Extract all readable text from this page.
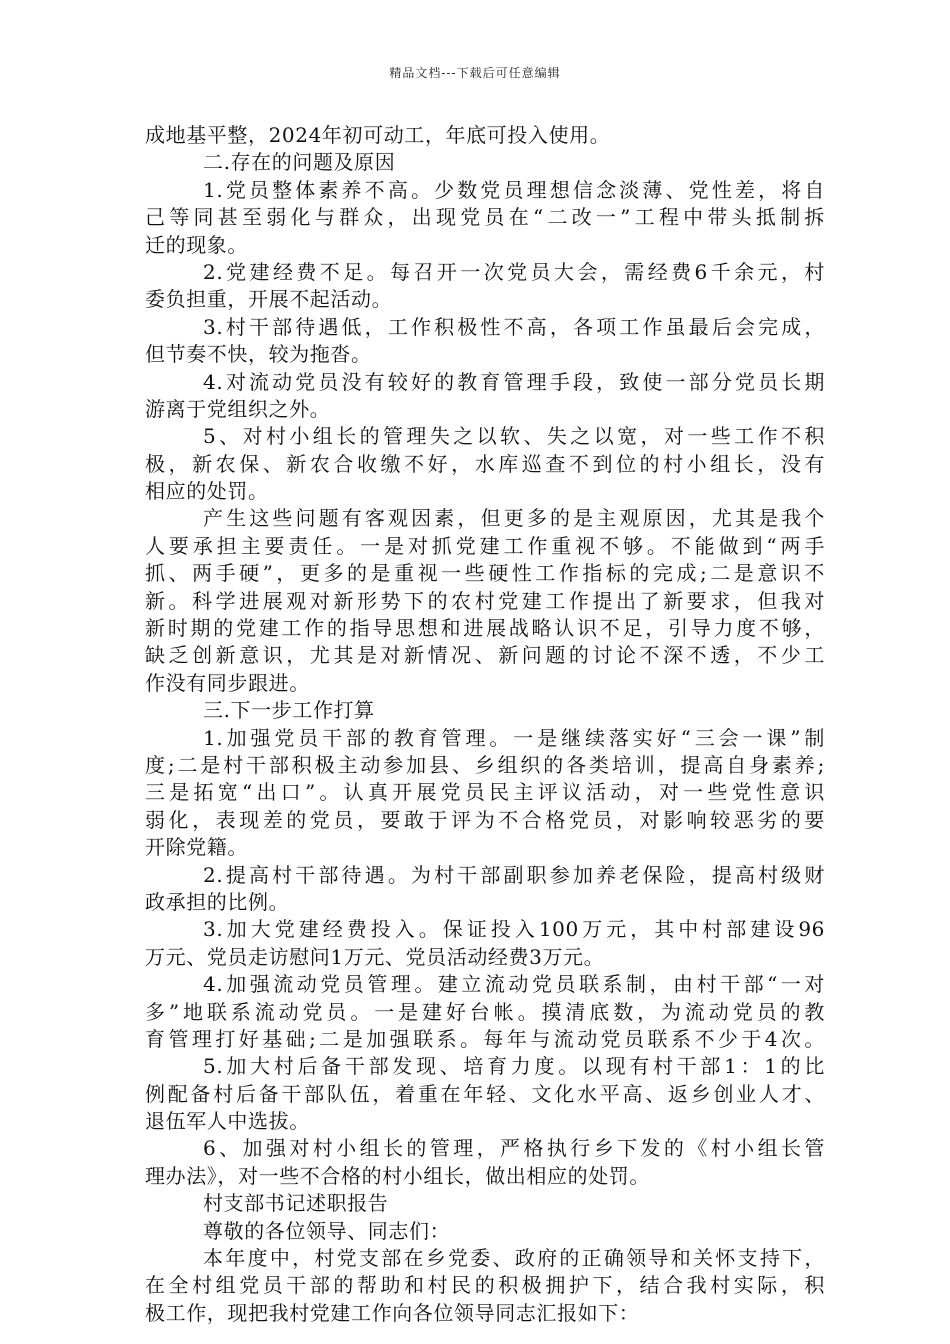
精品文档---下载后可任意编辑
成地基平整，2024年初可动工，年底可投入使用。
二.存在的问题及原因
1.党员整体素养不高。少数党员理想信念淡薄、党性差，将自
己等同甚至弱化与群众，出现党员在“二改一”工程中带头抵制拆
迁的现象。
2.党建经费不足。每召开一次党员大会，需经费6千余元，村
委负担重，开展不起活动。
3.村干部待遇低，工作积极性不高，各项工作虽最后会完成，
但节奏不快，较为拖沓。
4.对流动党员没有较好的教育管理手段，致使一部分党员长期
游离于党组织之外。
5、对村小组长的管理失之以软、失之以宽，对一些工作不积
极，新农保、新农合收缴不好，水库巡查不到位的村小组长，没有
相应的处罚。
产生这些问题有客观因素，但更多的是主观原因，尤其是我个
人要承担主要责任。一是对抓党建工作重视不够。不能做到“两手
抓、两手硬”，更多的是重视一些硬性工作指标的完成;二是意识不
新。科学进展观对新形势下的农村党建工作提出了新要求，但我对
新时期的党建工作的指导思想和进展战略认识不足，引导力度不够，
缺乏创新意识，尤其是对新情况、新问题的讨论不深不透，不少工
作没有同步跟进。
三.下一步工作打算
1.加强党员干部的教育管理。一是继续落实好“三会一课”制
度;二是村干部积极主动参加县、乡组织的各类培训，提高自身素养;
三是拓宽“出口”。认真开展党员民主评议活动，对一些党性意识
弱化，表现差的党员，要敢于评为不合格党员，对影响较恶劣的要
开除党籍。
2.提高村干部待遇。为村干部副职参加养老保险，提高村级财
政承担的比例。
3.加大党建经费投入。保证投入100万元，其中村部建设96
万元、党员走访慰问1万元、党员活动经费3万元。
4.加强流动党员管理。建立流动党员联系制，由村干部“一对
多”地联系流动党员。一是建好台帐。摸清底数，为流动党员的教
育管理打好基础;二是加强联系。每年与流动党员联系不少于4次。
5.加大村后备干部发现、培育力度。以现有村干部1：1的比
例配备村后备干部队伍，着重在年轻、文化水平高、返乡创业人才、
退伍军人中选拔。
6、加强对村小组长的管理，严格执行乡下发的《村小组长管
理办法》，对一些不合格的村小组长，做出相应的处罚。
村支部书记述职报告
尊敬的各位领导、同志们：
本年度中，村党支部在乡党委、政府的正确领导和关怀支持下，
在全村组党员干部的帮助和村民的积极拥护下，结合我村实际，积
极工作，现把我村党建工作向各位领导同志汇报如下：
